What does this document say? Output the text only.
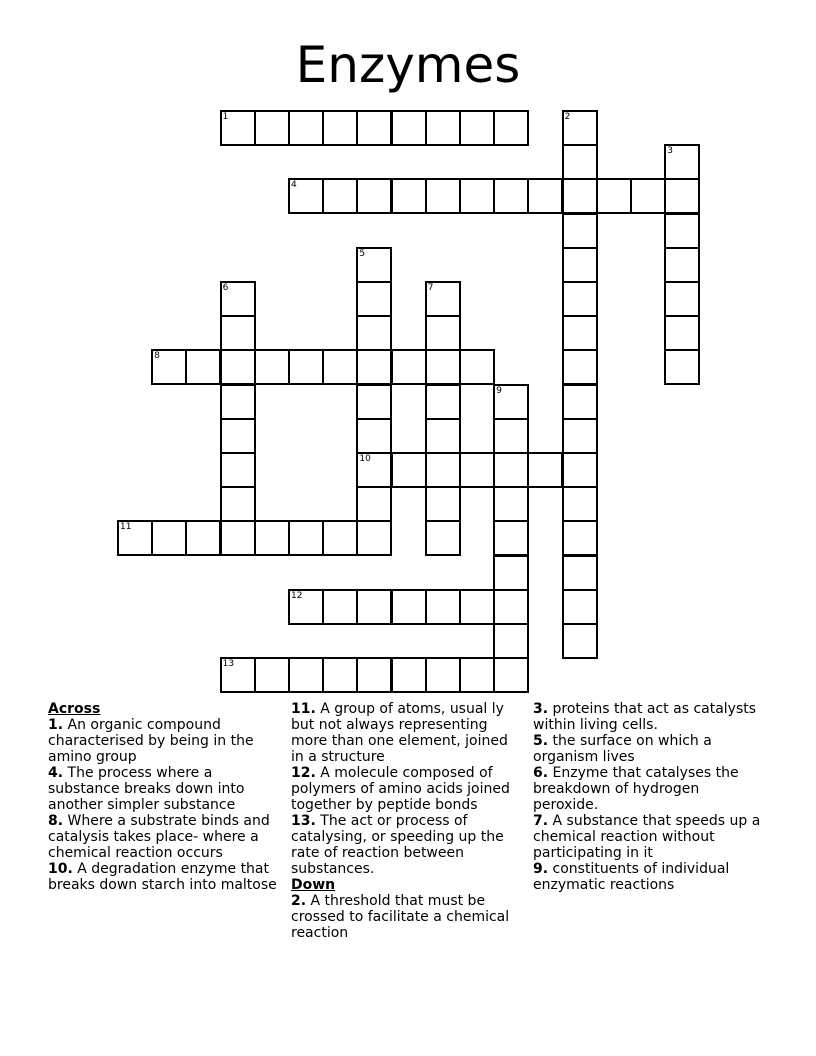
Enzymes
1	2
3
4
5
6	7
8
9
10
11
12
13
Across
1. An organic compound characterised by being in the amino group
4. The process where a substance breaks down into another simpler substance
8. Where a substrate binds and catalysis takes place- where a chemical reaction occurs
10. A degradation enzyme that breaks down starch into maltose
11. A group of atoms, usual ly but not always representing more than one element, joined in a structure
12. A molecule composed of polymers of amino acids joined together by peptide bonds
13. The act or process of catalysing, or speeding up the rate of reaction between substances.
Down
2. A threshold that must be crossed to facilitate a chemical reaction
3. proteins that act as catalysts within living cells.
5. the surface on which a organism lives
6. Enzyme that catalyses the breakdown of hydrogen peroxide.
7. A substance that speeds up a chemical reaction without participating in it
9. constituents of individual enzymatic reactions
